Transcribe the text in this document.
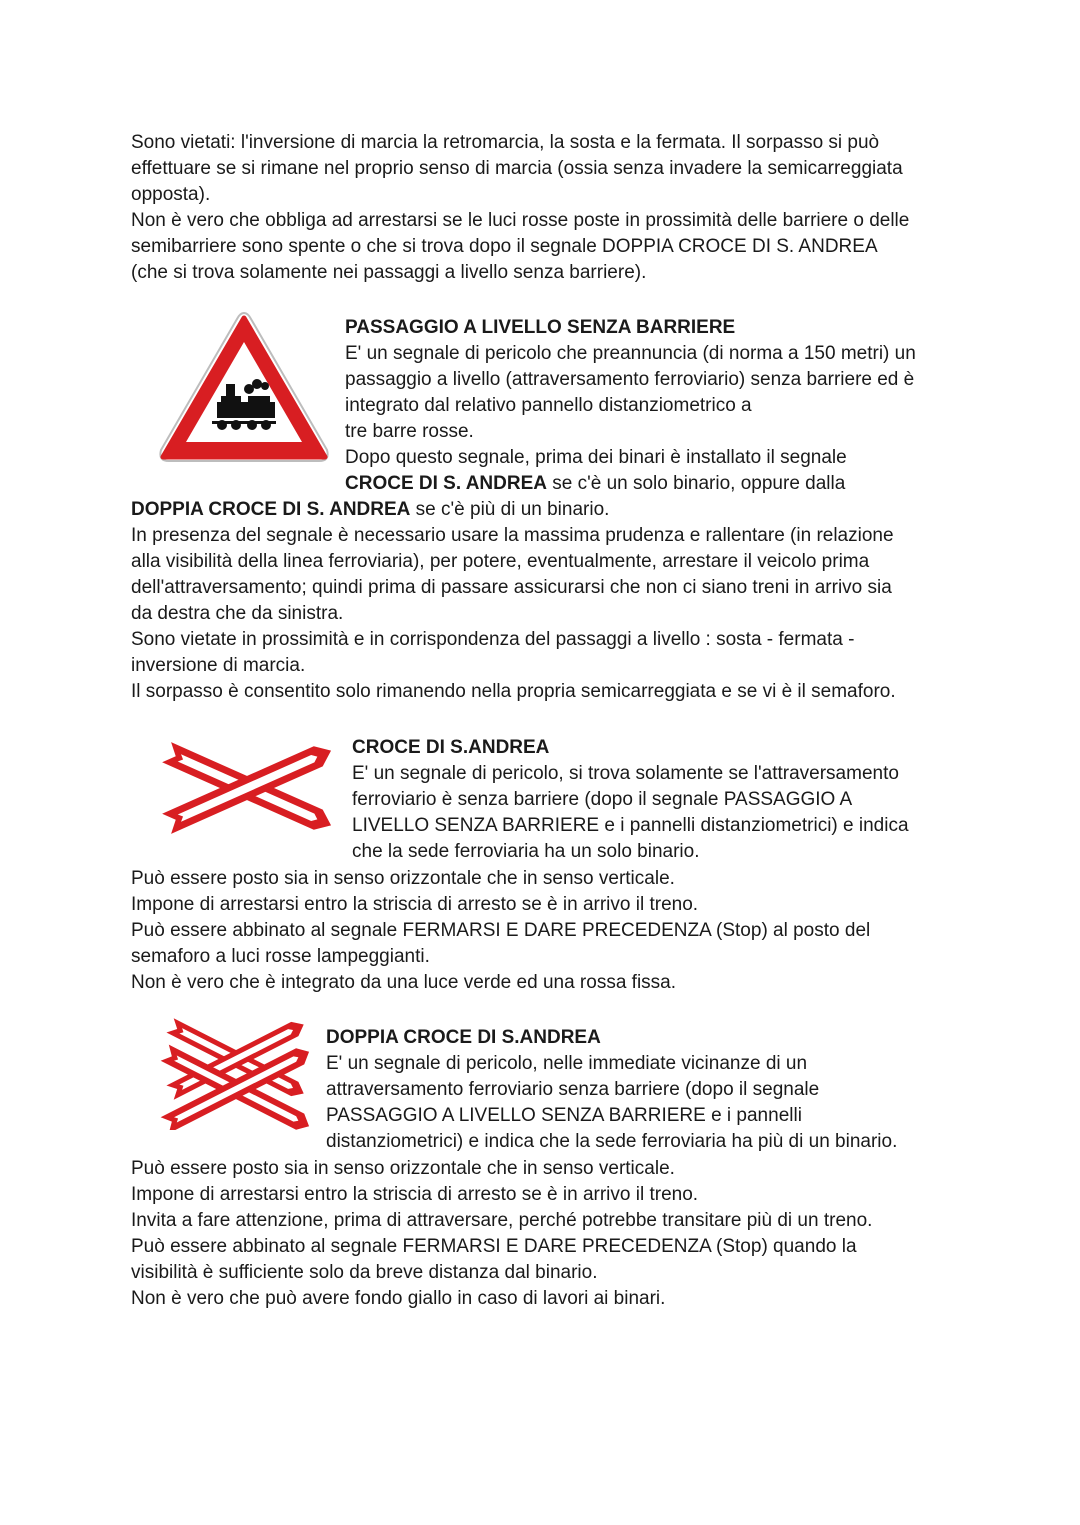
Sono vietati: l'inversione di marcia la retromarcia, la sosta e la fermata. Il sorpasso si può
effettuare se si rimane nel proprio senso di marcia (ossia senza invadere la semicarreggiata
opposta).
Non è vero che obbliga ad arrestarsi se le luci rosse poste in prossimità delle barriere o delle
semibarriere sono spente o che si trova dopo il segnale DOPPIA CROCE DI S. ANDREA
(che si trova solamente nei passaggi a livello senza barriere).
PASSAGGIO A LIVELLO SENZA BARRIERE
E' un segnale di pericolo che preannuncia (di norma a 150 metri) un
passaggio a livello (attraversamento ferroviario) senza barriere ed è
integrato dal relativo pannello distanziometrico a
tre barre rosse.
Dopo questo segnale, prima dei binari è installato il segnale
CROCE DI S. ANDREA se c'è un solo binario, oppure dalla
DOPPIA CROCE DI S. ANDREA se c'è più di un binario.
In presenza del segnale è necessario usare la massima prudenza e rallentare (in relazione
alla visibilità della linea ferroviaria), per potere, eventualmente, arrestare il veicolo prima
dell'attraversamento; quindi prima di passare assicurarsi che non ci siano treni in arrivo sia
da destra che da sinistra.
Sono vietate in prossimità e in corrispondenza del passaggi a livello : sosta - fermata -
inversione di marcia.
Il sorpasso è consentito solo rimanendo nella propria semicarreggiata e se vi è il semaforo.
CROCE DI S.ANDREA
E' un segnale di pericolo, si trova solamente se l'attraversamento
ferroviario è senza barriere (dopo il segnale PASSAGGIO A
LIVELLO SENZA BARRIERE e i pannelli distanziometrici) e indica
che la sede ferroviaria ha un solo binario.
Può essere posto sia in senso orizzontale che in senso verticale.
Impone di arrestarsi entro la striscia di arresto se è in arrivo il treno.
Può essere abbinato al segnale FERMARSI E DARE PRECEDENZA (Stop) al posto del
semaforo a luci rosse lampeggianti.
Non è vero che è integrato da una luce verde ed una rossa fissa.
DOPPIA CROCE DI S.ANDREA
E' un segnale di pericolo, nelle immediate vicinanze di un
attraversamento ferroviario senza barriere (dopo il segnale
PASSAGGIO A LIVELLO SENZA BARRIERE e i pannelli
distanziometrici) e indica che la sede ferroviaria ha più di un binario.
Può essere posto sia in senso orizzontale che in senso verticale.
Impone di arrestarsi entro la striscia di arresto se è in arrivo il treno.
Invita a fare attenzione, prima di attraversare, perché potrebbe transitare più di un treno.
Può essere abbinato al segnale FERMARSI E DARE PRECEDENZA (Stop) quando la
visibilità è sufficiente solo da breve distanza dal binario.
Non è vero che può avere fondo giallo in caso di lavori ai binari.
